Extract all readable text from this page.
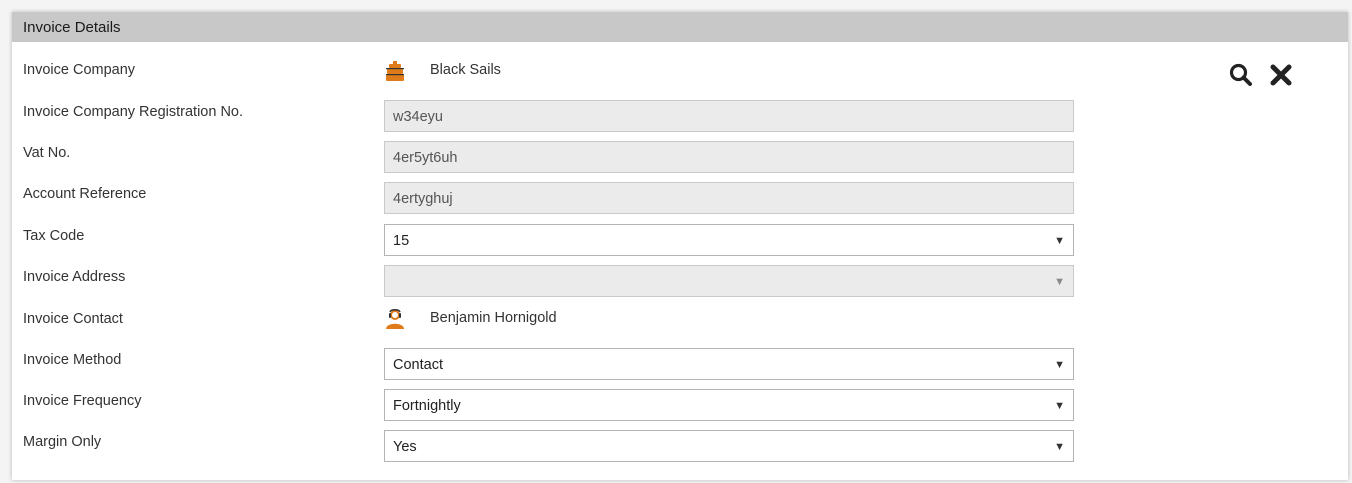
Invoice Details
Invoice Company	Black Sails
Invoice Company Registration No.	w34eyu
Vat No.	4er5yt6uh
Account Reference	4ertyghuj
Tax Code	15	▼
Invoice Address	▼
Invoice Contact	Benjamin Hornigold
Invoice Method	Contact	▼
Invoice Frequency	Fortnightly	▼
Margin Only	Yes	▼
